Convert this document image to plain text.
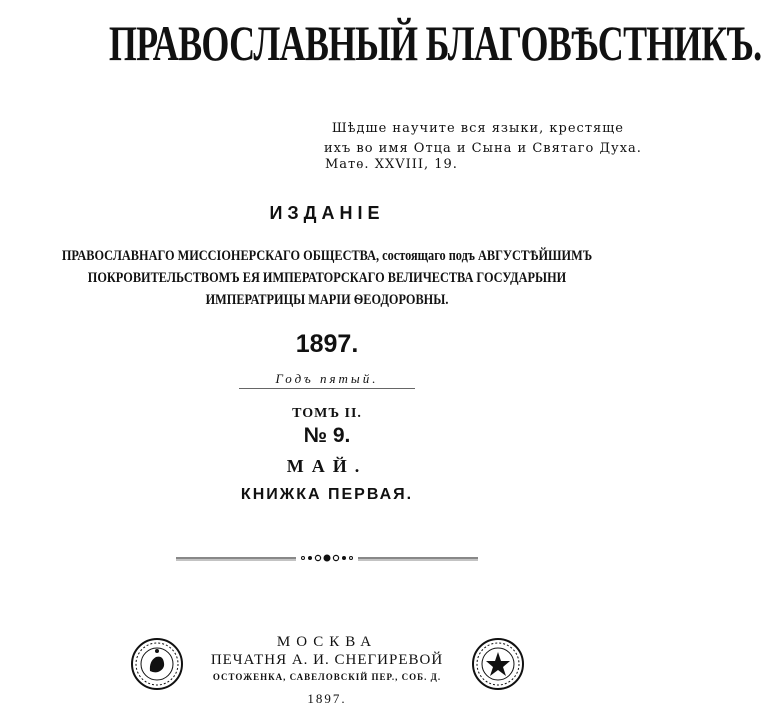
ПРАВОСЛАВНЫЙ БЛАГОВѢСТНИКЪ.
Шѣдше научите вся языки, крестяще
ихъ во имя Отца и Сына и Святаго Духа.
Матѳ. XXVIII, 19.
ИЗДАНІЕ
ПРАВОСЛАВНАГО МИССІОНЕРСКАГО ОБЩЕСТВА, состоящаго подъ АВГУСТѢЙШИМЪ
ПОКРОВИТЕЛЬСТВОМЪ ЕЯ ИМПЕРАТОРСКАГО ВЕЛИЧЕСТВА ГОСУДАРЫНИ
ИМПЕРАТРИЦЫ МАРІИ ѲЕОДОРОВНЫ.
1897.
Годъ пятый.
ТОМЪ II.
№ 9.
МАЙ.
КНИЖКА ПЕРВАЯ.
МОСКВА
ПЕЧАТНЯ А. И. СНЕГИРЕВОЙ
ОСТОЖЕНКА, САВЕЛОВСКІЙ ПЕР., СОБ. Д.
1897.
